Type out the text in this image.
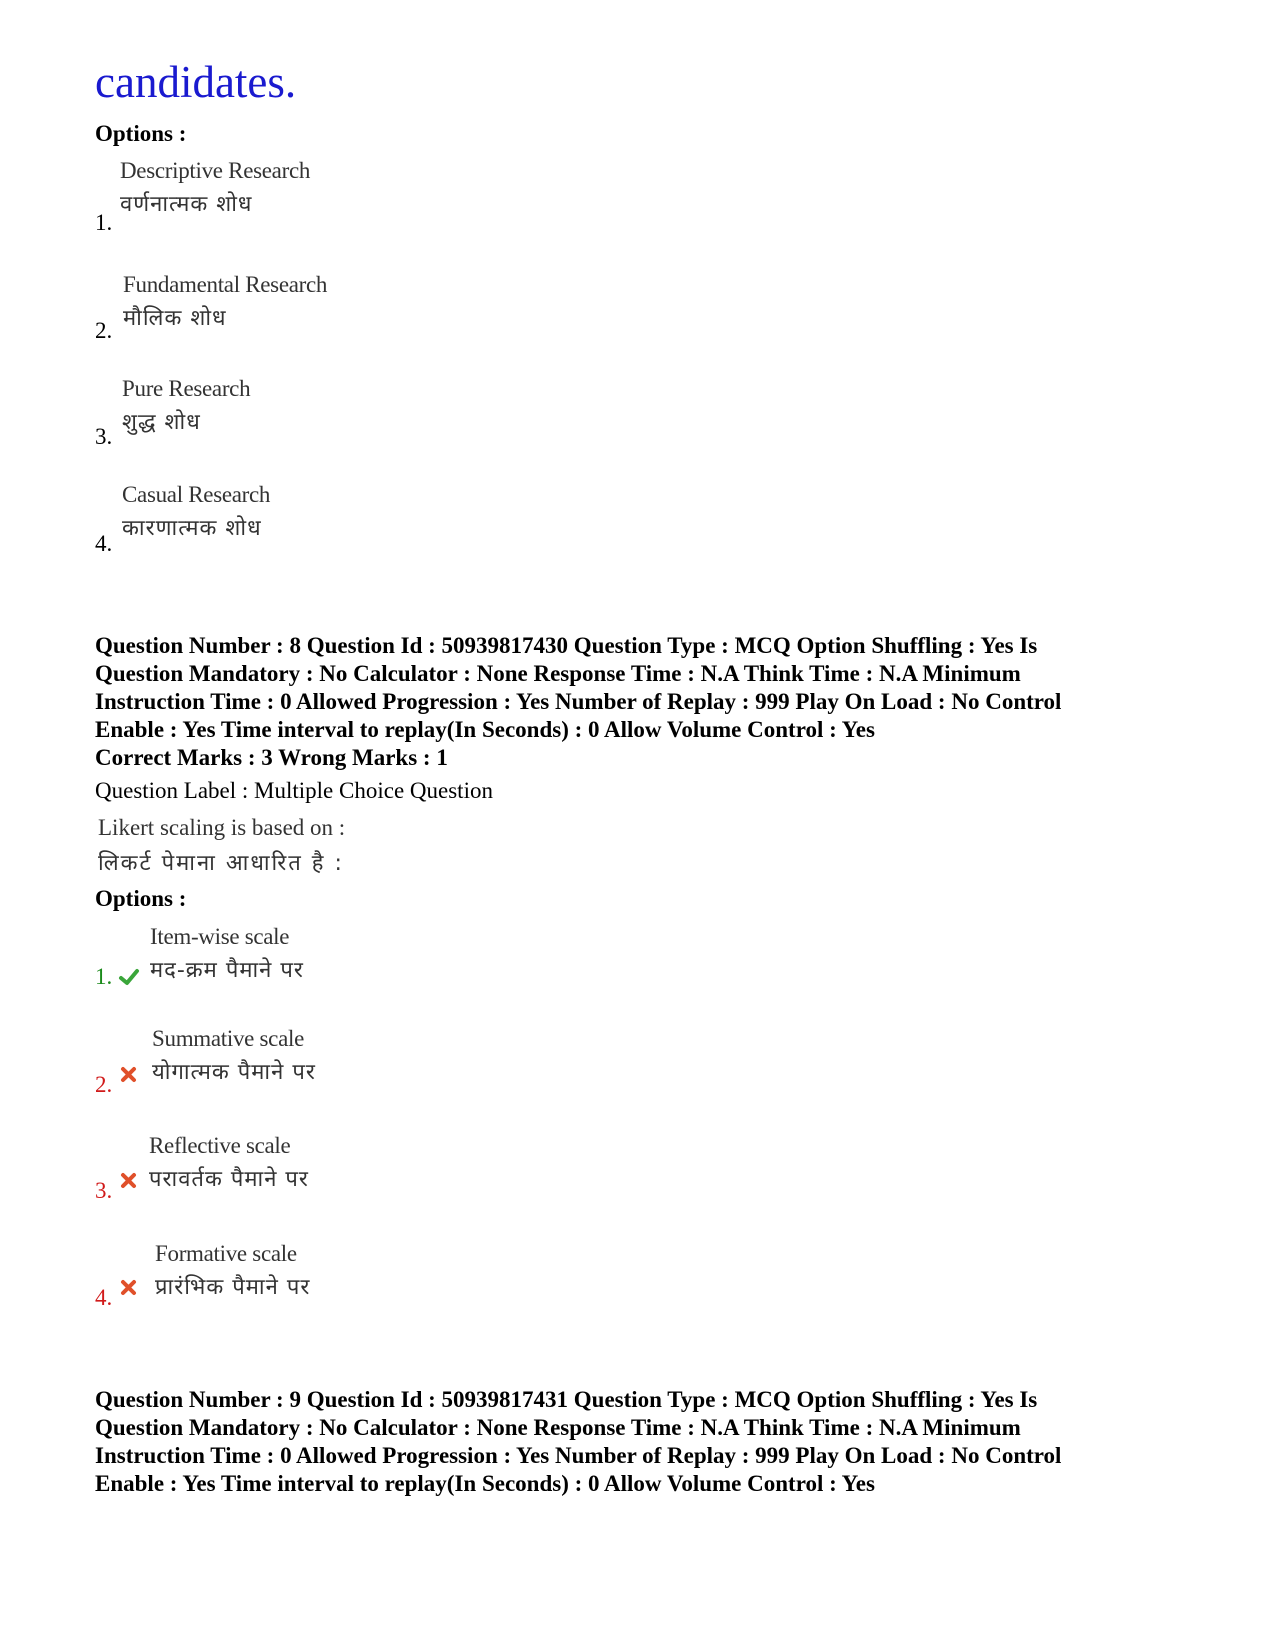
candidates.
Options :
1.
Descriptive Research
वर्णनात्मक शोध
2.
Fundamental Research
मौलिक शोध
3.
Pure Research
शुद्ध शोध
4.
Casual Research
कारणात्मक शोध

Question Number : 8 Question Id : 50939817430 Question Type : MCQ Option Shuffling : Yes Is

Question Mandatory : No Calculator : None Response Time : N.A Think Time : N.A Minimum

Instruction Time : 0 Allowed Progression : Yes Number of Replay : 999 Play On Load : No Control

Enable : Yes Time interval to replay(In Seconds) : 0 Allow Volume Control : Yes

Correct Marks : 3 Wrong Marks : 1
Question Label : Multiple Choice Question
Likert scaling is based on :
लिकर्ट पेमाना आधारित है :
Options :
1.
Item-wise scale
मद-क्रम पैमाने पर
2.
Summative scale
योगात्मक पैमाने पर
3.
Reflective scale
परावर्तक पैमाने पर
4.
Formative scale
प्रारंभिक पैमाने पर

Question Number : 9 Question Id : 50939817431 Question Type : MCQ Option Shuffling : Yes Is

Question Mandatory : No Calculator : None Response Time : N.A Think Time : N.A Minimum

Instruction Time : 0 Allowed Progression : Yes Number of Replay : 999 Play On Load : No Control

Enable : Yes Time interval to replay(In Seconds) : 0 Allow Volume Control : Yes
